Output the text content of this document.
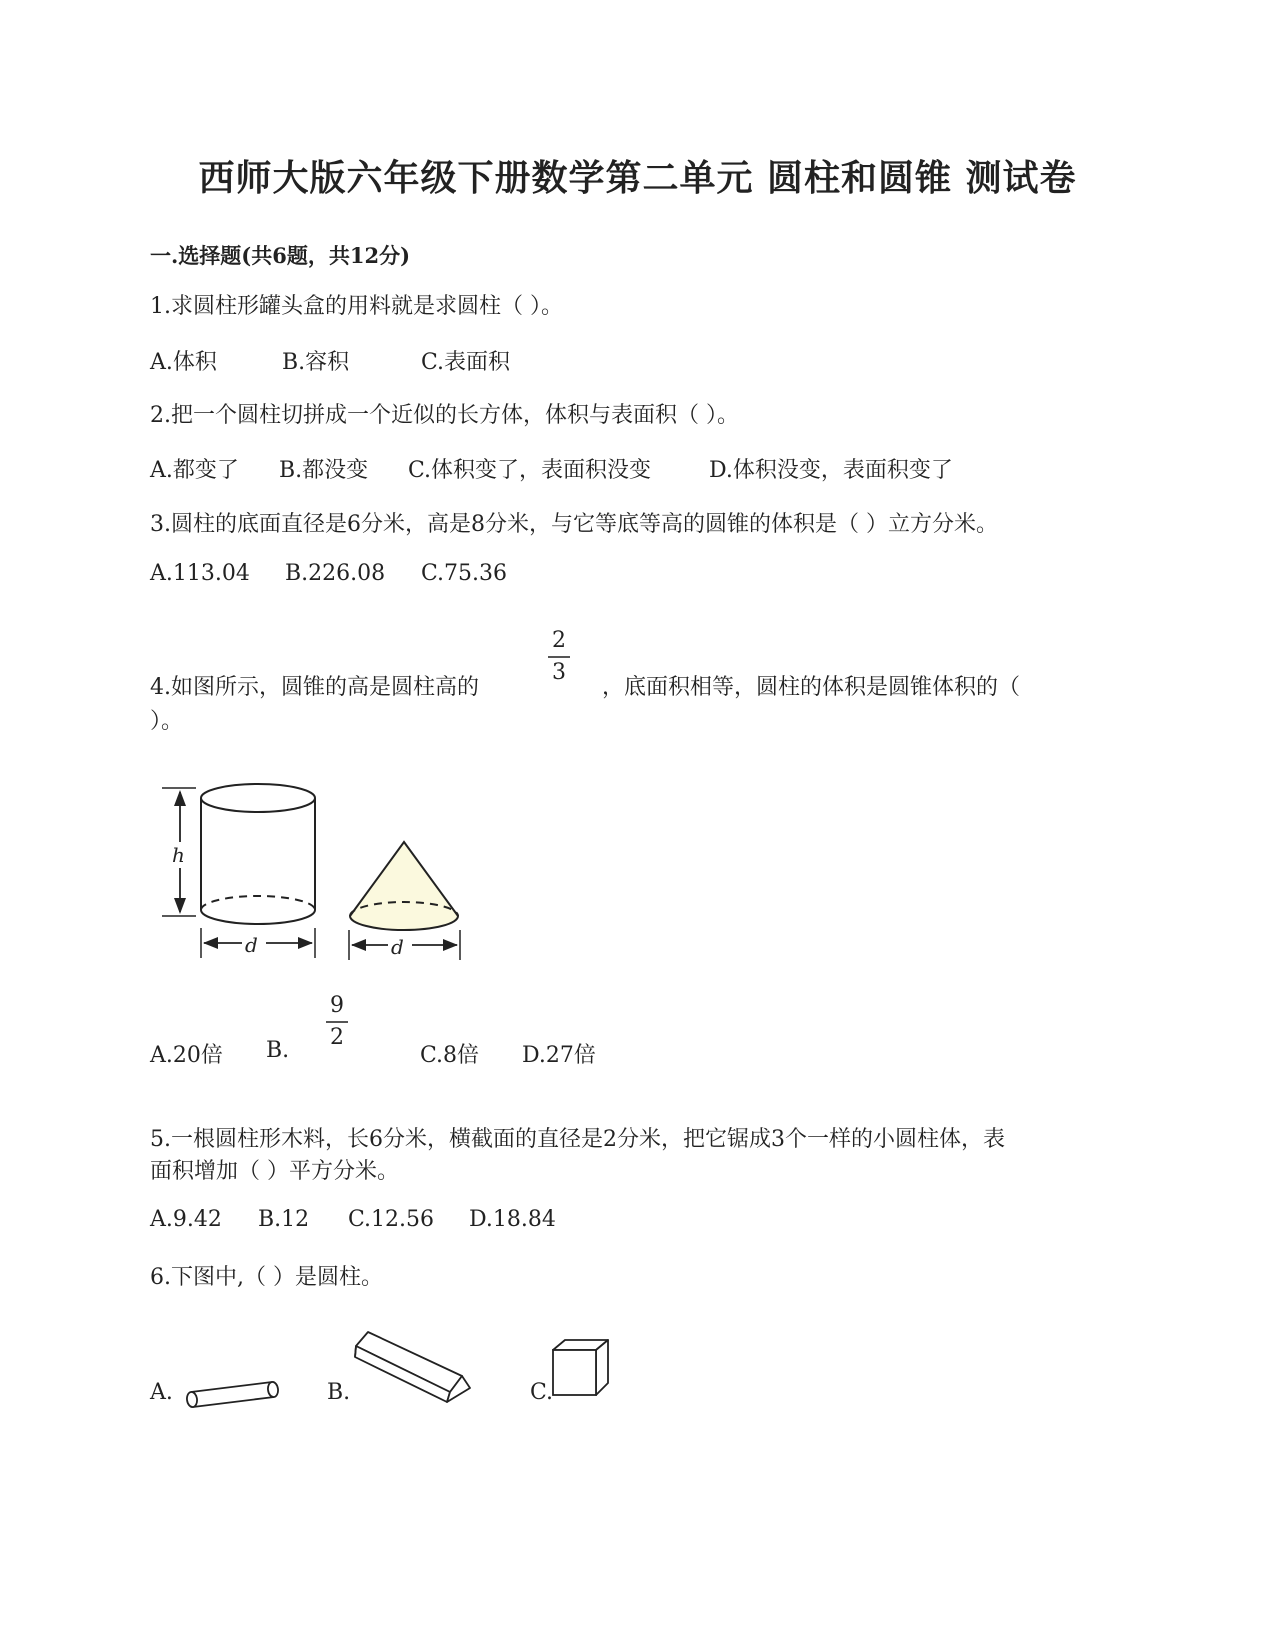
西师大版六年级下册数学第二单元 圆柱和圆锥 测试卷
一.选择题(共6题，共12分)
1.求圆柱形罐头盒的用料就是求圆柱（ ）。
A.体积	B.容积	C.表面积
2.把一个圆柱切拼成一个近似的长方体，体积与表面积（ ）。
A.都变了 B.都没变 C.体积变了，表面积没变	D.体积没变，表面积变了
3.圆柱的底面直径是6分米，高是8分米，与它等底等高的圆锥的体积是（ ）立方分米。
A.113.04 B.226.08 C.75.36
4.如图所示，圆锥的高是圆柱高的
2
3
，底面积相等，圆柱的体积是圆锥体积的（
）。
h
d	d
A.20倍 B.
9
2
C.8倍 D.27倍
5.一根圆柱形木料，长6分米，横截面的直径是2分米，把它锯成3个一样的小圆柱体，表
面积增加（ ）平方分米。
A.9.42 B.12 C.12.56 D.18.84
6.下图中,（ ）是圆柱。
A.	B.	C.
